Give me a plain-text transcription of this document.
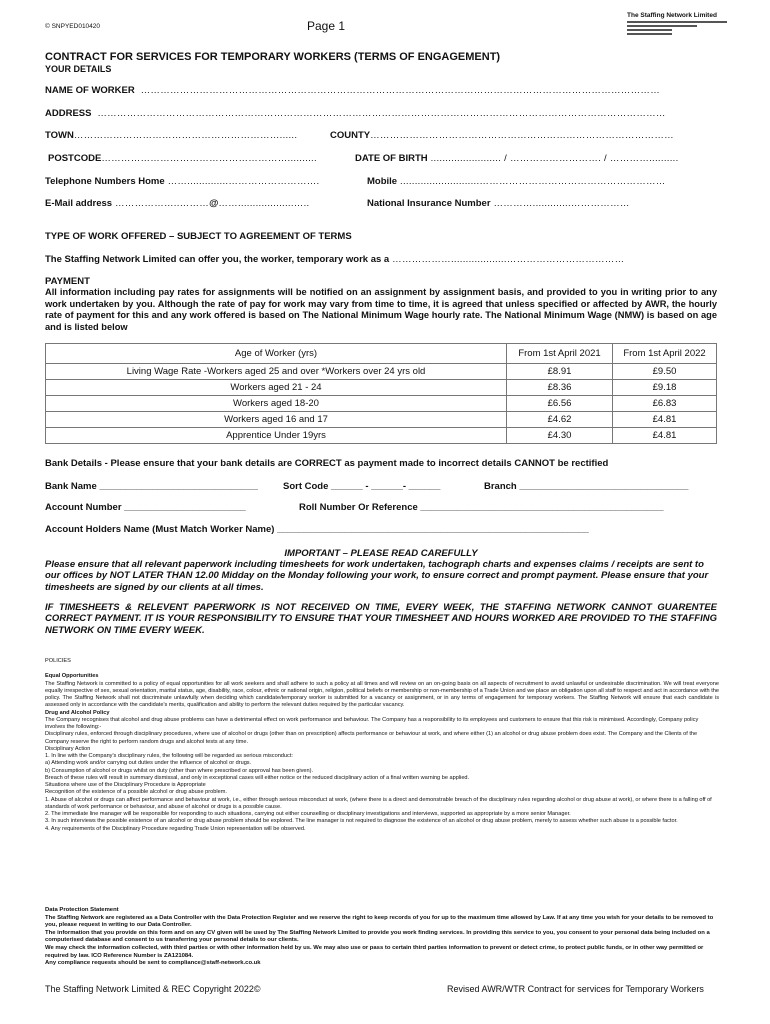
© SNPYED010420	Page 1
The Staffing Network Limited
CONTRACT FOR SERVICES FOR TEMPORARY WORKERS (TERMS OF ENGAGEMENT)
YOUR DETAILS
NAME OF WORKER  ……………………………………………………………………………………………………………………………………………
ADDRESS  …………………………………………………………………………………………………………………………………………………………
TOWN………………………………………………………......	COUNTY…………………………………………………………………………………
POSTCODE…………………………………………………..........	DATE OF BIRTH ........................ / ………………………. / …………..........
Telephone Numbers Home ……..............……………………….	Mobile ...........................…………………………………………………
E-Mail address ………………..………@……...................…..	National Insurance Number ………….............………………
TYPE OF WORK OFFERED – SUBJECT TO AGREEMENT OF TERMS
The Staffing Network Limited can offer you, the worker, temporary work as a ………………...................………………………………
PAYMENT
All information including pay rates for assignments will be notified on an assignment by assignment basis, and provided to you in writing prior to any work undertaken by you. Although the rate of pay for work may vary from time to time, it is agreed that unless specified or affected by AWR, the hourly rate of payment for this and any work offered is based on The National Minimum Wage hourly rate. The National Minimum Wage (NMW) is based on age and is listed below
Age of Worker (yrs)	From 1st April 2021	From 1st April 2022
Living Wage Rate -Workers aged 25 and over *Workers over 24 yrs old	£8.91	£9.50
Workers aged 21 - 24	£8.36	£9.18
Workers aged 18-20	£6.56	£6.83
Workers aged 16 and 17	£4.62	£4.81
Apprentice Under 19yrs	£4.30	£4.81
Bank Details - Please ensure that your bank details are CORRECT as payment made to incorrect details CANNOT be rectified
Bank Name ______________________________	Sort Code ______ - ______- ______	Branch ________________________________
Account Number _______________________	Roll Number Or Reference ______________________________________________
Account Holders Name (Must Match Worker Name) ___________________________________________________________
IMPORTANT – PLEASE READ CAREFULLY
Please ensure that all relevant paperwork including timesheets for work undertaken, tachograph charts and expenses claims / receipts are sent to our offices by NOT LATER THAN 12.00 Midday on the Monday following your work, to ensure correct and prompt payment. Please ensure that your timesheets are signed by our clients at all times.
IF TIMESHEETS & RELEVENT PAPERWORK IS NOT RECEIVED ON TIME, EVERY WEEK, THE STAFFING NETWORK CANNOT GUARENTEE CORRECT PAYMENT. IT IS YOUR RESPONSIBILITY TO ENSURE THAT YOUR TIMESHEET AND HOURS WORKED ARE PROVIDED TO THE STAFFING NETWORK ON TIME EVERY WEEK.
POLICIES
Equal Opportunities
The Staffing Network is committed to a policy of equal opportunities for all work seekers and shall adhere to such a policy at all times and will review on an on-going basis on all aspects of recruitment to avoid unlawful or undesirable discrimination. We will treat everyone equally irrespective of sex, sexual orientation, marital status, age, disability, race, colour, ethnic or national origin, religion, political beliefs or membership or non-membership of a Trade Union and we place an obligation upon all staff to respect and act in accordance with the policy. The Staffing Network shall not discriminate unlawfully when deciding which candidate/temporary worker is submitted for a vacancy or assignment, or in any terms of engagement for temporary workers. The Staffing Network will ensure that each candidate is assessed only in accordance with the candidate's merits, qualification and ability to perform the relevant duties required by the particular vacancy.
Drug and Alcohol Policy
The Company recognises that alcohol and drug abuse problems can have a detrimental effect on work performance and behaviour. The Company has a responsibility to its employees and customers to ensure that this risk is minimised. Accordingly, Company policy involves the following:-
Disciplinary rules, enforced through disciplinary procedures, where use of alcohol or drugs (other than on prescription) affects performance or behaviour at work, and where either (1) an alcohol or drug abuse problem does exist. The Company and the Clients of the Company reserve the right to perform random drugs and alcohol tests at any time.
Disciplinary Action
1. In line with the Company's disciplinary rules, the following will be regarded as serious misconduct:
a) Attending work and/or carrying out duties under the influence of alcohol or drugs.
b) Consumption of alcohol or drugs whilst on duty (other than where prescribed or approval has been given).
Breach of these rules will result in summary dismissal, and only in exceptional cases will either notice or the reduced disciplinary action of a final written warning be applied.
Situations where use of the Disciplinary Procedure is Appropriate
Recognition of the existence of a possible alcohol or drug abuse problem.
1. Abuse of alcohol or drugs can affect performance and behaviour at work, i.e., either through serious misconduct at work, (where there is a direct and demonstrable breach of the disciplinary rules regarding alcohol or drug abuse at work), or where there is a falling off of standards of work performance or behaviour, and abuse of alcohol or drugs is a possible cause.
2. The immediate line manager will be responsible for responding to such situations, carrying out either counselling or disciplinary investigations and interviews, supported as appropriate by a more senior Manager.
3. In such interviews the possible existence of an alcohol or drug abuse problem should be explored. The line manager is not required to diagnose the existence of an alcohol or drug abuse problem, merely to assess whether such abuse is a possible factor.
4. Any requirements of the Disciplinary Procedure regarding Trade Union representation will be observed.
Data Protection Statement
The Staffing Network are registered as a Data Controller with the Data Protection Register and we reserve the right to keep records of you for up to the maximum time allowed by Law. If at any time you wish for your details to be removed to you, please request in writing to our Data Controller.
The information that you provide on this form and on any CV given will be used by The Staffing Network Limited to provide you work finding services. In providing this service to you, you consent to your personal data being included on a computerised database and consent to us transferring your personal details to our clients.
We may check the information collected, with third parties or with other information held by us. We may also use or pass to certain third parties information to prevent or detect crime, to protect public funds, or in other way permitted or required by law. ICO Reference Number is ZA121084.
Any compliance requests should be sent to compliance@staff-network.co.uk
The Staffing Network Limited & REC Copyright 2022©	Revised AWR/WTR Contract for services for Temporary Workers
